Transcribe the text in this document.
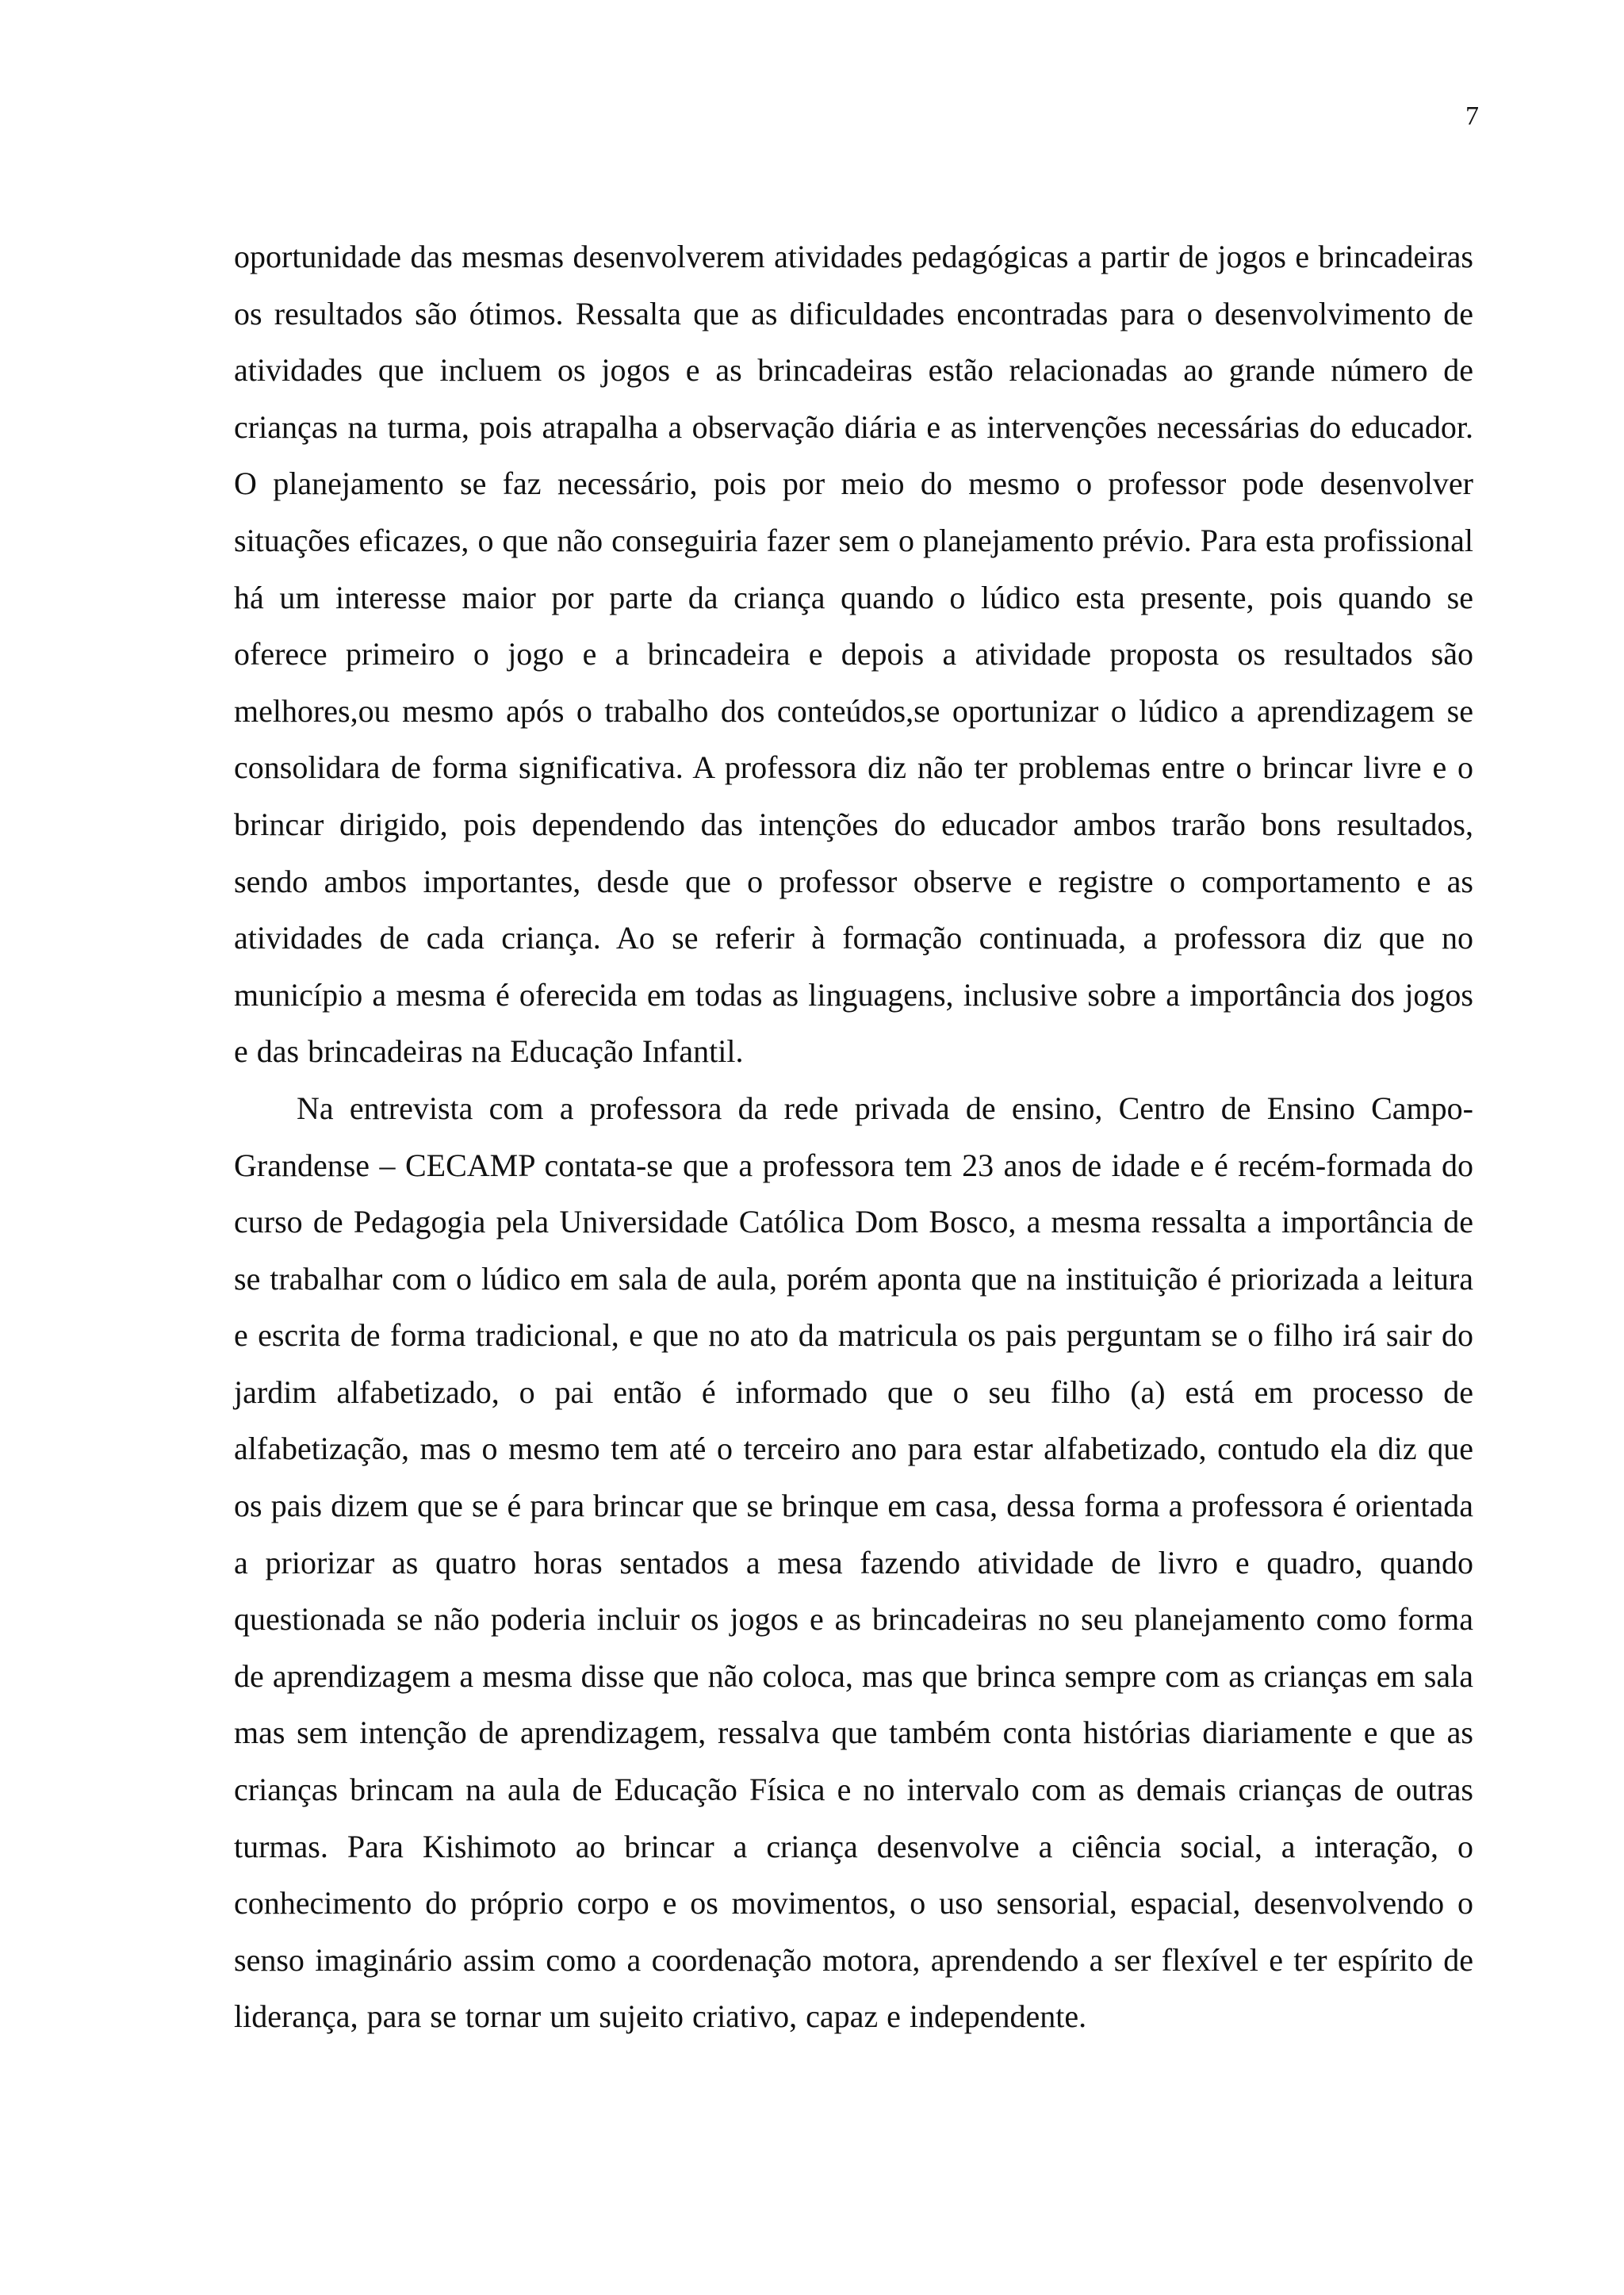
7

oportunidade das mesmas desenvolverem atividades pedagógicas a partir de jogos e brincadeiras os resultados são ótimos. Ressalta que as dificuldades encontradas para o desenvolvimento de atividades que incluem os jogos e as brincadeiras estão relacionadas ao grande número de crianças na turma, pois atrapalha a observação diária e as intervenções necessárias do educador. O planejamento se faz necessário, pois por meio do mesmo o professor pode desenvolver situações eficazes, o que não conseguiria fazer sem o planejamento prévio. Para esta profissional há um interesse maior por parte da criança quando o lúdico esta presente, pois quando se oferece primeiro o jogo e a brincadeira e depois a atividade proposta os resultados são melhores,ou mesmo após o trabalho dos conteúdos,se oportunizar o lúdico a aprendizagem se consolidara de forma significativa. A professora diz não ter problemas entre o brincar livre e o brincar dirigido, pois dependendo das intenções do educador ambos trarão bons resultados, sendo ambos importantes, desde que o professor observe e registre o comportamento e as atividades de cada criança. Ao se referir à formação continuada, a professora diz que no município a mesma é oferecida em todas as linguagens, inclusive sobre a importância dos jogos e das brincadeiras na Educação Infantil.

Na entrevista com a professora da rede privada de ensino, Centro de Ensino Campo-Grandense – CECAMP contata-se que a professora tem 23 anos de idade e é recém-formada do curso de Pedagogia pela Universidade Católica Dom Bosco, a mesma ressalta a importância de se trabalhar com o lúdico em sala de aula, porém aponta que na instituição é priorizada a leitura e escrita de forma tradicional, e que no ato da matricula os pais perguntam se o filho irá sair do jardim alfabetizado, o pai então é informado que o seu filho (a) está em processo de alfabetização, mas o mesmo tem até o terceiro ano para estar alfabetizado, contudo ela diz que os pais dizem que se é para brincar que se brinque em casa, dessa forma a professora é orientada a priorizar as quatro horas sentados a mesa fazendo atividade de livro e quadro, quando questionada se não poderia incluir os jogos e as brincadeiras no seu planejamento como forma de aprendizagem a mesma disse que não coloca, mas que brinca sempre com as crianças em sala mas sem intenção de aprendizagem, ressalva que também conta histórias diariamente e que as crianças brincam na aula de Educação Física e no intervalo com as demais crianças de outras turmas. Para Kishimoto ao brincar a criança desenvolve a ciência social, a interação, o conhecimento do próprio corpo e os movimentos, o uso sensorial, espacial, desenvolvendo o senso imaginário assim como a coordenação motora, aprendendo a ser flexível e ter espírito de liderança, para se tornar um sujeito criativo, capaz e independente.
